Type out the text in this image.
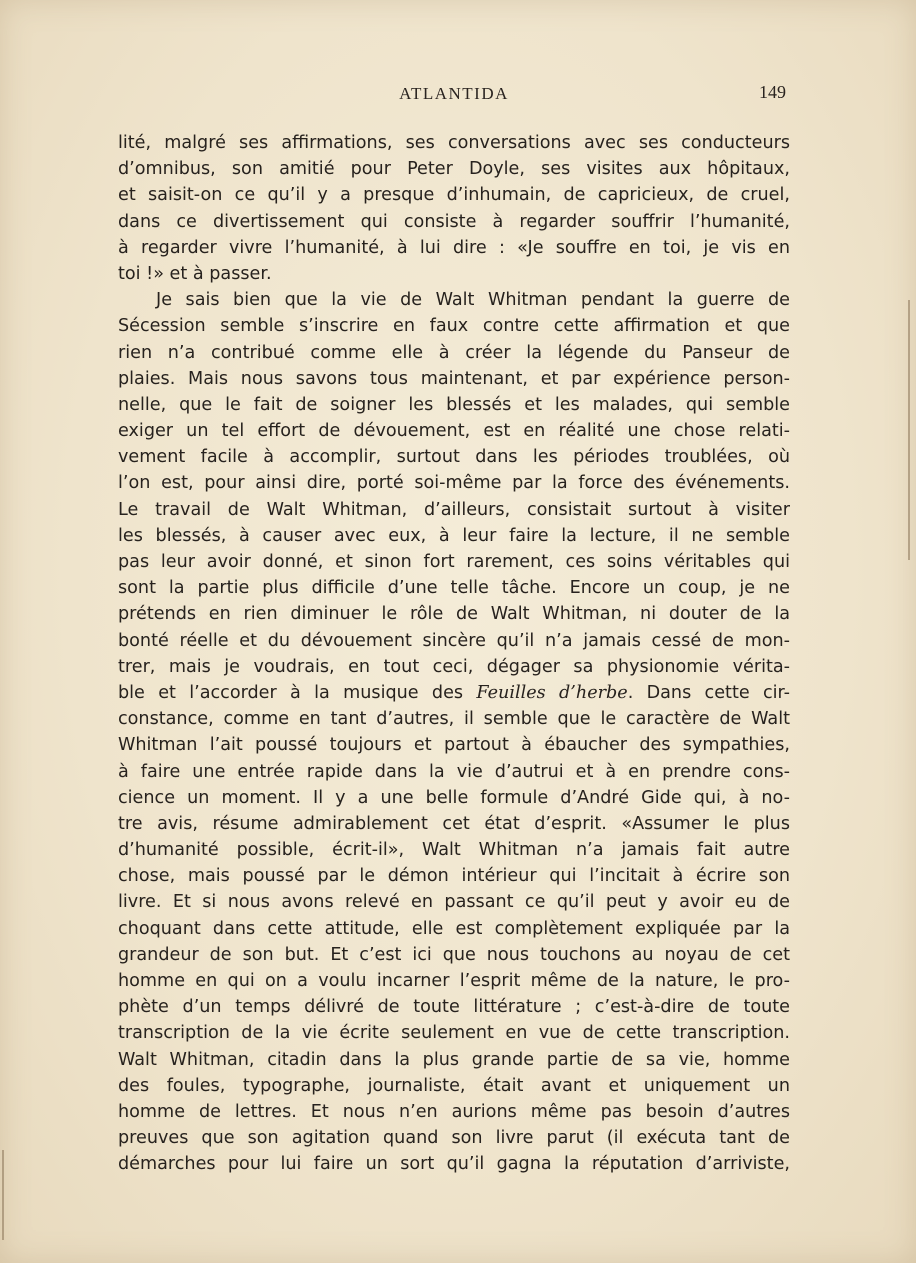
ATLANTIDA	149
lité, malgré ses affirmations, ses conversations avec ses conducteurs
d’omnibus, son amitié pour Peter Doyle, ses visites aux hôpitaux,
et saisit-on ce qu’il y a presque d’inhumain, de capricieux, de cruel,
dans ce divertissement qui consiste à regarder souffrir l’humanité,
à regarder vivre l’humanité, à lui dire : «Je souffre en toi, je vis en
toi !» et à passer.
Je sais bien que la vie de Walt Whitman pendant la guerre de
Sécession semble s’inscrire en faux contre cette affirmation et que
rien n’a contribué comme elle à créer la légende du Panseur de
plaies. Mais nous savons tous maintenant, et par expérience person-
nelle, que le fait de soigner les blessés et les malades, qui semble
exiger un tel effort de dévouement, est en réalité une chose relati-
vement facile à accomplir, surtout dans les périodes troublées, où
l’on est, pour ainsi dire, porté soi-même par la force des événements.
Le travail de Walt Whitman, d’ailleurs, consistait surtout à visiter
les blessés, à causer avec eux, à leur faire la lecture, il ne semble
pas leur avoir donné, et sinon fort rarement, ces soins véritables qui
sont la partie plus difficile d’une telle tâche. Encore un coup, je ne
prétends en rien diminuer le rôle de Walt Whitman, ni douter de la
bonté réelle et du dévouement sincère qu’il n’a jamais cessé de mon-
trer, mais je voudrais, en tout ceci, dégager sa physionomie vérita-
ble et l’accorder à la musique des Feuilles d’herbe. Dans cette cir-
constance, comme en tant d’autres, il semble que le caractère de Walt
Whitman l’ait poussé toujours et partout à ébaucher des sympathies,
à faire une entrée rapide dans la vie d’autrui et à en prendre cons-
cience un moment. Il y a une belle formule d’André Gide qui, à no-
tre avis, résume admirablement cet état d’esprit. «Assumer le plus
d’humanité possible, écrit-il», Walt Whitman n’a jamais fait autre
chose, mais poussé par le démon intérieur qui l’incitait à écrire son
livre. Et si nous avons relevé en passant ce qu’il peut y avoir eu de
choquant dans cette attitude, elle est complètement expliquée par la
grandeur de son but. Et c’est ici que nous touchons au noyau de cet
homme en qui on a voulu incarner l’esprit même de la nature, le pro-
phète d’un temps délivré de toute littérature ; c’est-à-dire de toute
transcription de la vie écrite seulement en vue de cette transcription.
Walt Whitman, citadin dans la plus grande partie de sa vie, homme
des foules, typographe, journaliste, était avant et uniquement un
homme de lettres. Et nous n’en aurions même pas besoin d’autres
preuves que son agitation quand son livre parut (il exécuta tant de
démarches pour lui faire un sort qu’il gagna la réputation d’arriviste,
